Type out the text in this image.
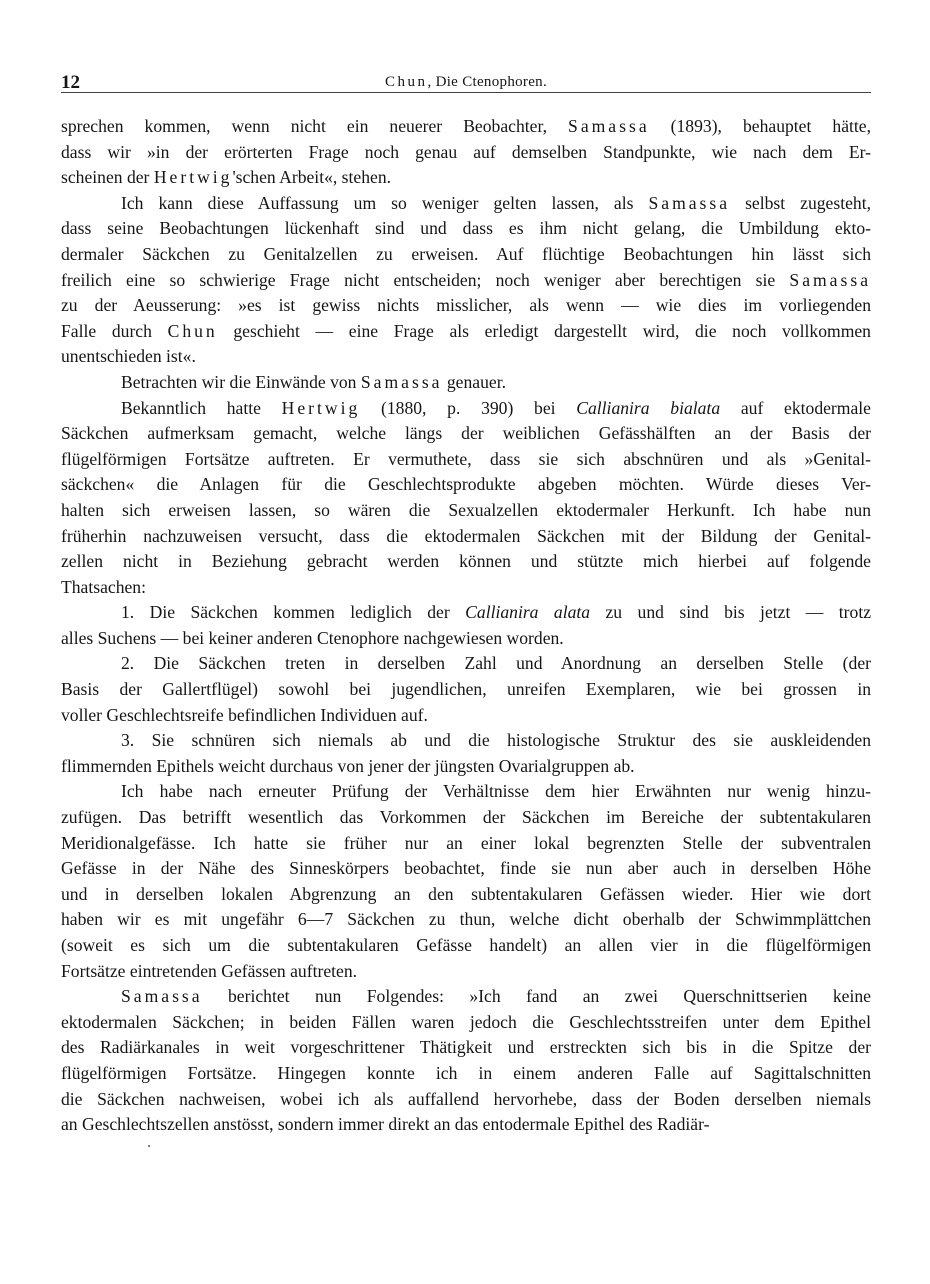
12	Chun, Die Ctenophoren.
sprechen kommen, wenn nicht ein neuerer Beobachter, Samassa (1893), behauptet hätte,
dass wir »in der erörterten Frage noch genau auf demselben Standpunkte, wie nach dem Er-
scheinen der Hertwig'schen Arbeit«, stehen.
Ich kann diese Auffassung um so weniger gelten lassen, als Samassa selbst zugesteht,
dass seine Beobachtungen lückenhaft sind und dass es ihm nicht gelang, die Umbildung ekto-
dermaler Säckchen zu Genitalzellen zu erweisen. Auf flüchtige Beobachtungen hin lässt sich
freilich eine so schwierige Frage nicht entscheiden; noch weniger aber berechtigen sie Samassa
zu der Aeusserung: »es ist gewiss nichts misslicher, als wenn — wie dies im vorliegenden
Falle durch Chun geschieht — eine Frage als erledigt dargestellt wird, die noch vollkommen
unentschieden ist«.
Betrachten wir die Einwände von Samassa genauer.
Bekanntlich hatte Hertwig (1880, p. 390) bei Callianira bialata auf ektodermale
Säckchen aufmerksam gemacht, welche längs der weiblichen Gefässhälften an der Basis der
flügelförmigen Fortsätze auftreten. Er vermuthete, dass sie sich abschnüren und als »Genital-
säckchen« die Anlagen für die Geschlechtsprodukte abgeben möchten. Würde dieses Ver-
halten sich erweisen lassen, so wären die Sexualzellen ektodermaler Herkunft. Ich habe nun
früherhin nachzuweisen versucht, dass die ektodermalen Säckchen mit der Bildung der Genital-
zellen nicht in Beziehung gebracht werden können und stützte mich hierbei auf folgende
Thatsachen:
1. Die Säckchen kommen lediglich der Callianira alata zu und sind bis jetzt — trotz
alles Suchens — bei keiner anderen Ctenophore nachgewiesen worden.
2. Die Säckchen treten in derselben Zahl und Anordnung an derselben Stelle (der
Basis der Gallertflügel) sowohl bei jugendlichen, unreifen Exemplaren, wie bei grossen in
voller Geschlechtsreife befindlichen Individuen auf.
3. Sie schnüren sich niemals ab und die histologische Struktur des sie auskleidenden
flimmernden Epithels weicht durchaus von jener der jüngsten Ovarialgruppen ab.
Ich habe nach erneuter Prüfung der Verhältnisse dem hier Erwähnten nur wenig hinzu-
zufügen. Das betrifft wesentlich das Vorkommen der Säckchen im Bereiche der subtentakularen
Meridionalgefässe. Ich hatte sie früher nur an einer lokal begrenzten Stelle der subventralen
Gefässe in der Nähe des Sinneskörpers beobachtet, finde sie nun aber auch in derselben Höhe
und in derselben lokalen Abgrenzung an den subtentakularen Gefässen wieder. Hier wie dort
haben wir es mit ungefähr 6—7 Säckchen zu thun, welche dicht oberhalb der Schwimmplättchen
(soweit es sich um die subtentakularen Gefässe handelt) an allen vier in die flügelförmigen
Fortsätze eintretenden Gefässen auftreten.
Samassa berichtet nun Folgendes: »Ich fand an zwei Querschnittserien keine
ektodermalen Säckchen; in beiden Fällen waren jedoch die Geschlechtsstreifen unter dem Epithel
des Radiärkanales in weit vorgeschrittener Thätigkeit und erstreckten sich bis in die Spitze der
flügelförmigen Fortsätze. Hingegen konnte ich in einem anderen Falle auf Sagittalschnitten
die Säckchen nachweisen, wobei ich als auffallend hervorhebe, dass der Boden derselben niemals
an Geschlechtszellen anstösst, sondern immer direkt an das entodermale Epithel des Radiär-
